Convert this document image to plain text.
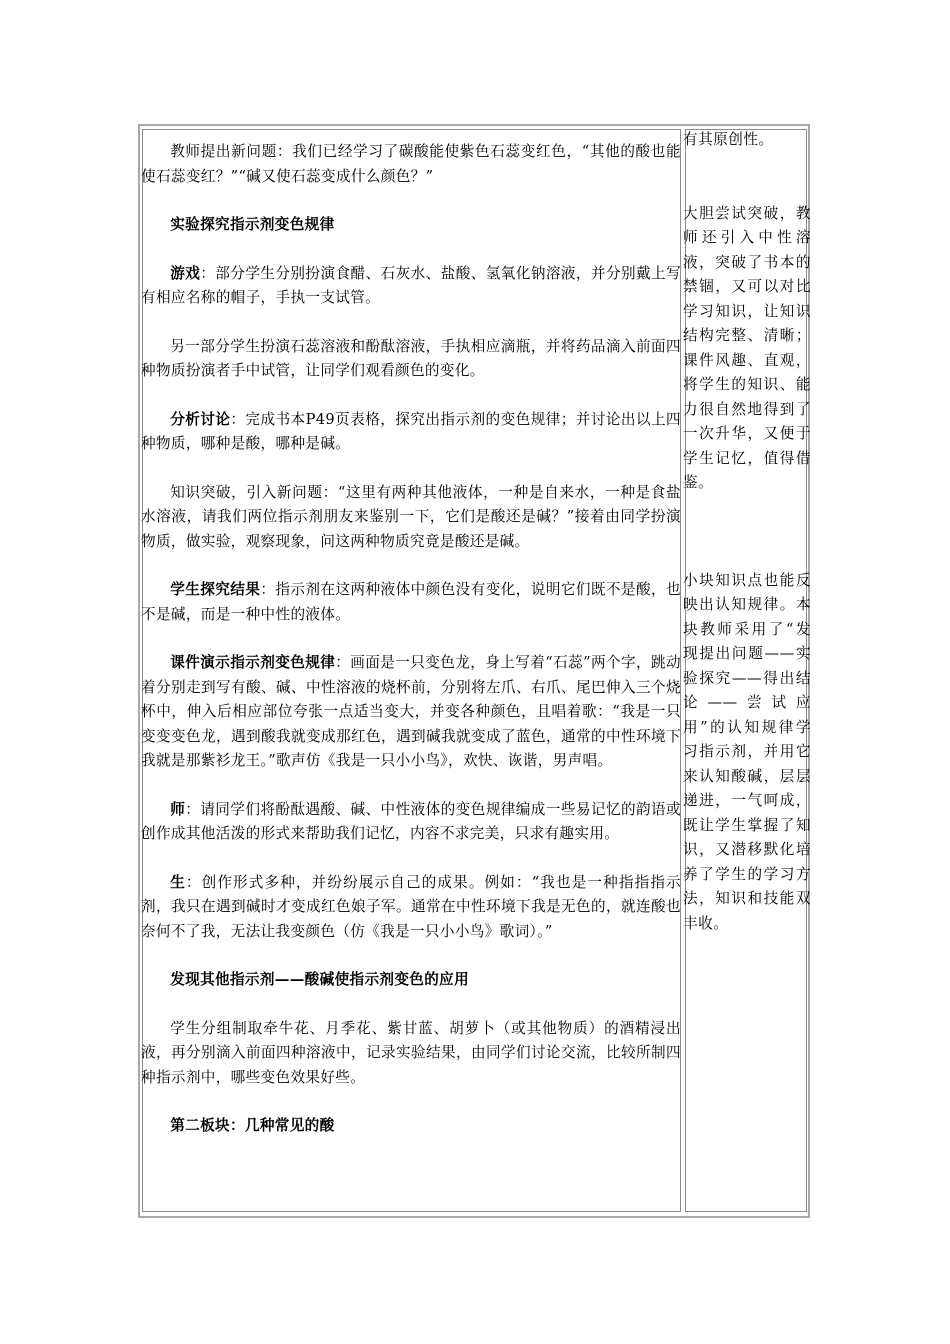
教师提出新问题：我们已经学习了碳酸能使紫色石蕊变红色，“其他的酸也能使石蕊变红？”“碱又使石蕊变成什么颜色？”

实验探究指示剂变色规律

游戏：部分学生分别扮演食醋、石灰水、盐酸、氢氧化钠溶液，并分别戴上写有相应名称的帽子，手执一支试管。

另一部分学生扮演石蕊溶液和酚酞溶液，手执相应滴瓶，并将药品滴入前面四种物质扮演者手中试管，让同学们观看颜色的变化。

分析讨论：完成书本P49页表格，探究出指示剂的变色规律；并讨论出以上四种物质，哪种是酸，哪种是碱。

知识突破，引入新问题：“这里有两种其他液体，一种是自来水，一种是食盐水溶液，请我们两位指示剂朋友来鉴别一下，它们是酸还是碱？”接着由同学扮演物质，做实验，观察现象，问这两种物质究竟是酸还是碱。

学生探究结果：指示剂在这两种液体中颜色没有变化，说明它们既不是酸，也不是碱，而是一种中性的液体。

课件演示指示剂变色规律：画面是一只变色龙，身上写着“石蕊”两个字，跳动着分别走到写有酸、碱、中性溶液的烧杯前，分别将左爪、右爪、尾巴伸入三个烧杯中，伸入后相应部位夸张一点适当变大，并变各种颜色，且唱着歌：“我是一只变变变色龙，遇到酸我就变成那红色，遇到碱我就变成了蓝色，通常的中性环境下我就是那紫衫龙王。”歌声仿《我是一只小小鸟》，欢快、诙谐，男声唱。

师：请同学们将酚酞遇酸、碱、中性液体的变色规律编成一些易记忆的韵语或创作成其他活泼的形式来帮助我们记忆，内容不求完美，只求有趣实用。

生：创作形式多种，并纷纷展示自己的成果。例如：“我也是一种指指指示剂，我只在遇到碱时才变成红色娘子军。通常在中性环境下我是无色的，就连酸也奈何不了我，无法让我变颜色（仿《我是一只小小鸟》歌词）。”

发现其他指示剂——酸碱使指示剂变色的应用

学生分组制取牵牛花、月季花、紫甘蓝、胡萝卜（或其他物质）的酒精浸出液，再分别滴入前面四种溶液中，记录实验结果，由同学们讨论交流，比较所制四种指示剂中，哪些变色效果好些。

第二板块：几种常见的酸

有其原创性。

大胆尝试突破，教师还引入中性溶液，突破了书本的禁锢，又可以对比学习知识，让知识结构完整、清晰；课件风趣、直观，将学生的知识、能力很自然地得到了一次升华，又便于学生记忆，值得借鉴。

小块知识点也能反映出认知规律。本块教师采用了“发现提出问题——实验探究——得出结论——尝试应用”的认知规律学习指示剂，并用它来认知酸碱，层层递进，一气呵成，既让学生掌握了知识，又潜移默化培养了学生的学习方法，知识和技能双丰收。
